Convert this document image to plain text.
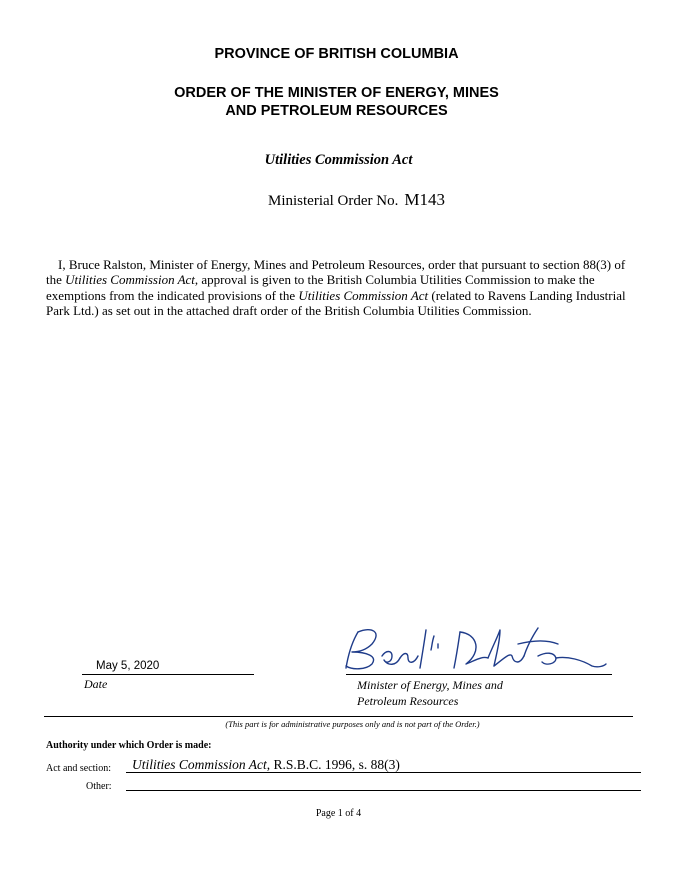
PROVINCE OF BRITISH COLUMBIA
ORDER OF THE MINISTER OF ENERGY, MINES
AND PETROLEUM RESOURCES
Utilities Commission Act
Ministerial Order No. M143
I, Bruce Ralston, Minister of Energy, Mines and Petroleum Resources, order that pursuant to section 88(3) of the Utilities Commission Act, approval is given to the British Columbia Utilities Commission to make the exemptions from the indicated provisions of the Utilities Commission Act (related to Ravens Landing Industrial Park Ltd.) as set out in the attached draft order of the British Columbia Utilities Commission.
May 5, 2020
Date	Minister of Energy, Mines and
Petroleum Resources
(This part is for administrative purposes only and is not part of the Order.)
Authority under which Order is made:
Act and section: Utilities Commission Act, R.S.B.C. 1996, s. 88(3)
Other:
Page 1 of 4
